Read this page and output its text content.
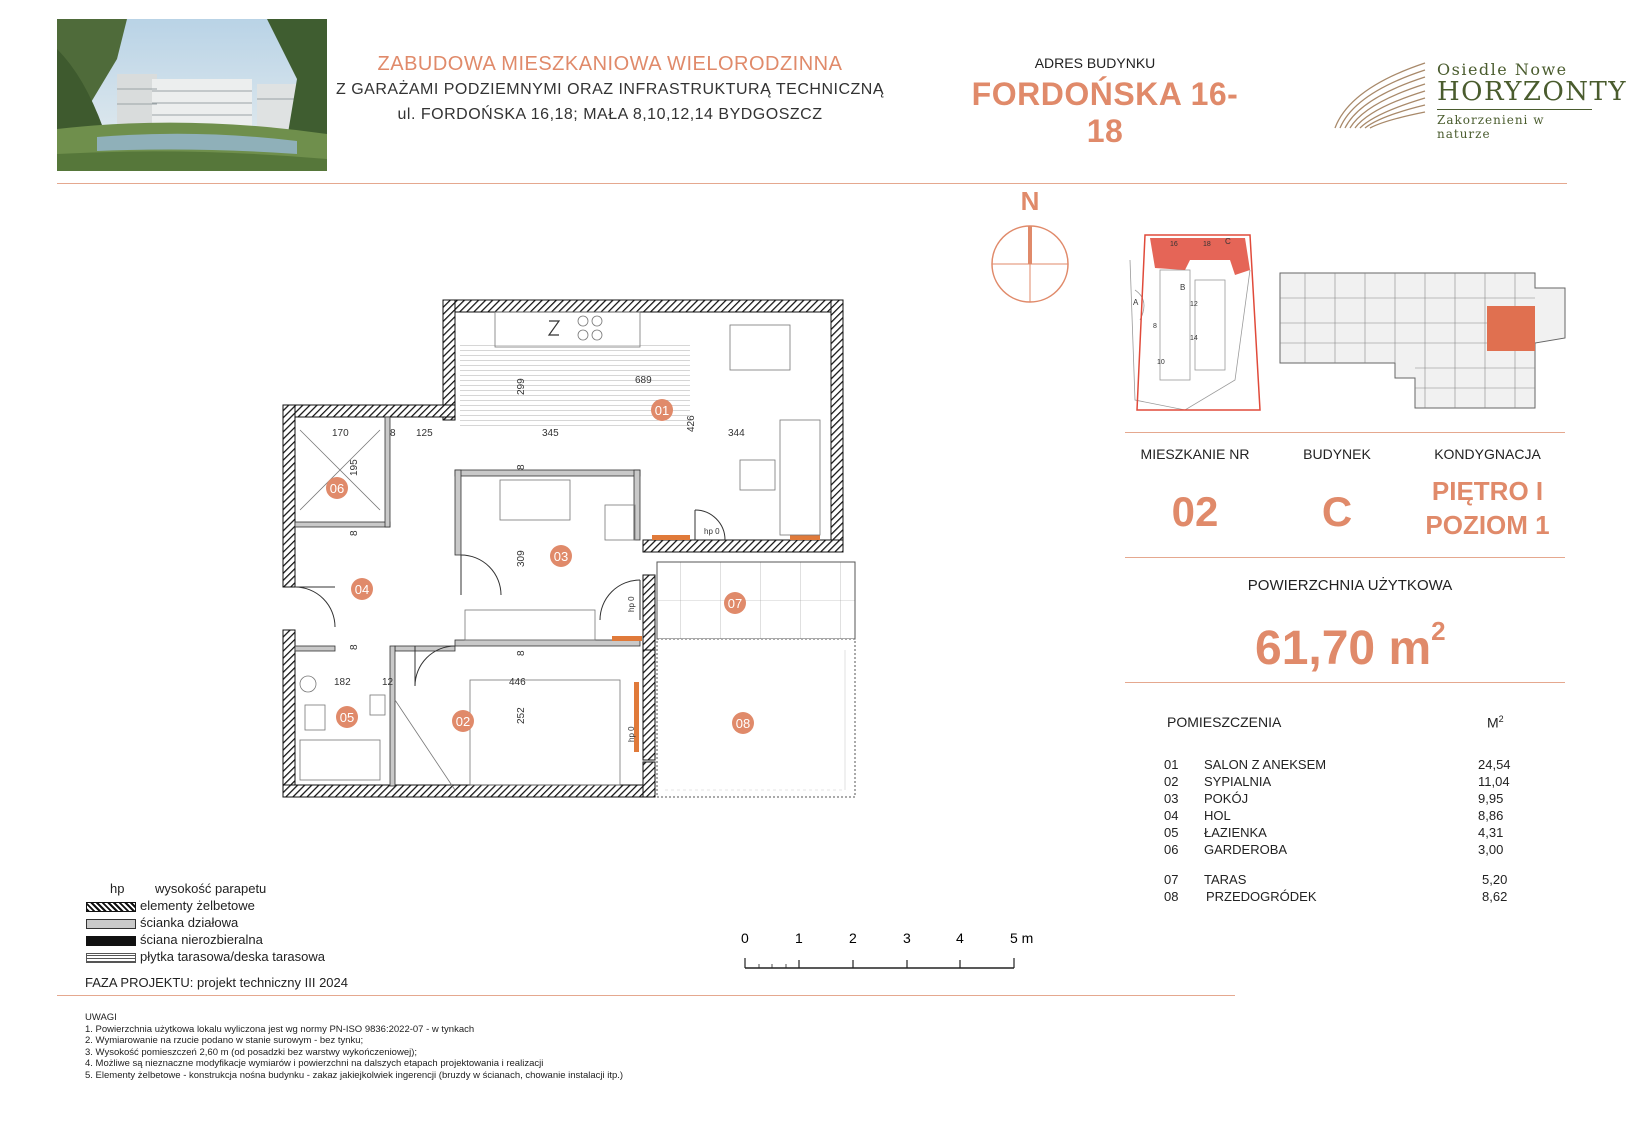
ZABUDOWA MIESZKANIOWA WIELORODZINNA
Z GARAŻAMI PODZIEMNYMI ORAZ INFRASTRUKTURĄ TECHNICZNĄ
ul. FORDOŃSKA 16,18; MAŁA 8,10,12,14 BYDGOSZCZ
ADRES BUDYNKU
FORDOŃSKA 16-18
Osiedle Nowe
HORYZONTY
Zakorzenieni w naturze
N
16	18 C
A
B
12
8
14
10
MIESZKANIE NR	BUDYNEK	KONDYGNACJA
02	C	PIĘTRO I
POZIOM 1
POWIERZCHNIA UŻYTKOWA
61,70 $m^2$
POMIESZCZENIA	$M^2$
01 SALON Z ANEKSEM	24,54
02 SYPIALNIA	11,04
03 POKÓJ	9,95
04 HOL	8,86
05 ŁAZIENKA	4,31
06 GARDEROBA	3,00
07 TARAS	5,20
08 PRZEDOGRÓDEK	8,62
01
02
03
04
05
06
07
08
689
299
426
345	344
170	8 125
195
8
309
8
182	12	446
252
8
8
hp 0
hp 0
hp 0
hp wysokość parapetu
elementy żelbetowe
ścianka działowa
ściana nierozbieralna
płytka tarasowa/deska tarasowa
FAZA PROJEKTU: projekt techniczny III 2024
0	1	2	3	4	5 m
UWAGI
1. Powierzchnia użytkowa lokalu wyliczona jest wg normy PN-ISO 9836:2022-07 - w tynkach
2. Wymiarowanie na rzucie podano w stanie surowym - bez tynku;
3. Wysokość pomieszczeń 2,60 m (od posadzki bez warstwy wykończeniowej);
4. Możliwe są nieznaczne modyfikacje wymiarów i powierzchni na dalszych etapach projektowania i realizacji
5. Elementy żelbetowe - konstrukcja nośna budynku - zakaz jakiejkolwiek ingerencji (bruzdy w ścianach, chowanie instalacji itp.)
